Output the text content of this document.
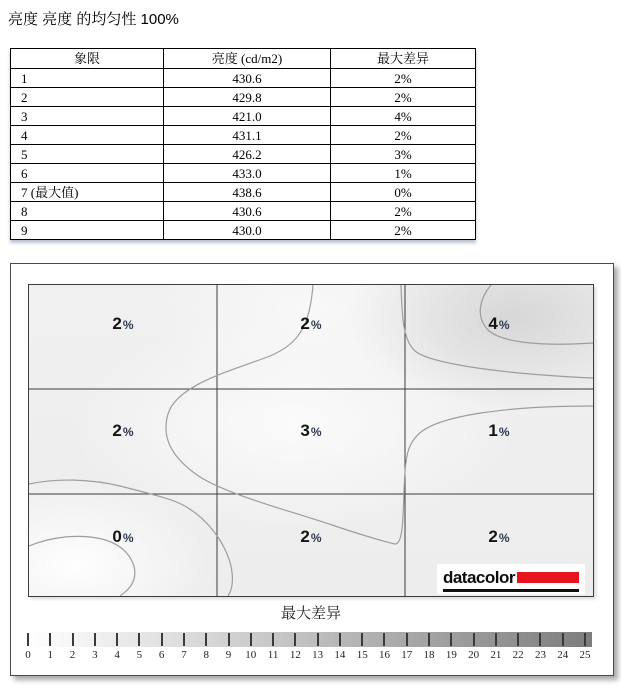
亮度 亮度 的均匀性 100%
象限	亮度 (cd/m2)	最大差异
1	430.6	2%
2	429.8	2%
3	421.0	4%
4	431.1	2%
5	426.2	3%
6	433.0	1%
7 (最大值)	438.6	0%
8	430.6	2%
9	430.0	2%
2%	2%	4%
2%	3%	1%
0%	2%	2%
datacolor
最大差异
0 1 2 3 4 5 6 7 8 9 10 11 12 13 14 15 16 17 18 19 20 21 22 23 24 25
